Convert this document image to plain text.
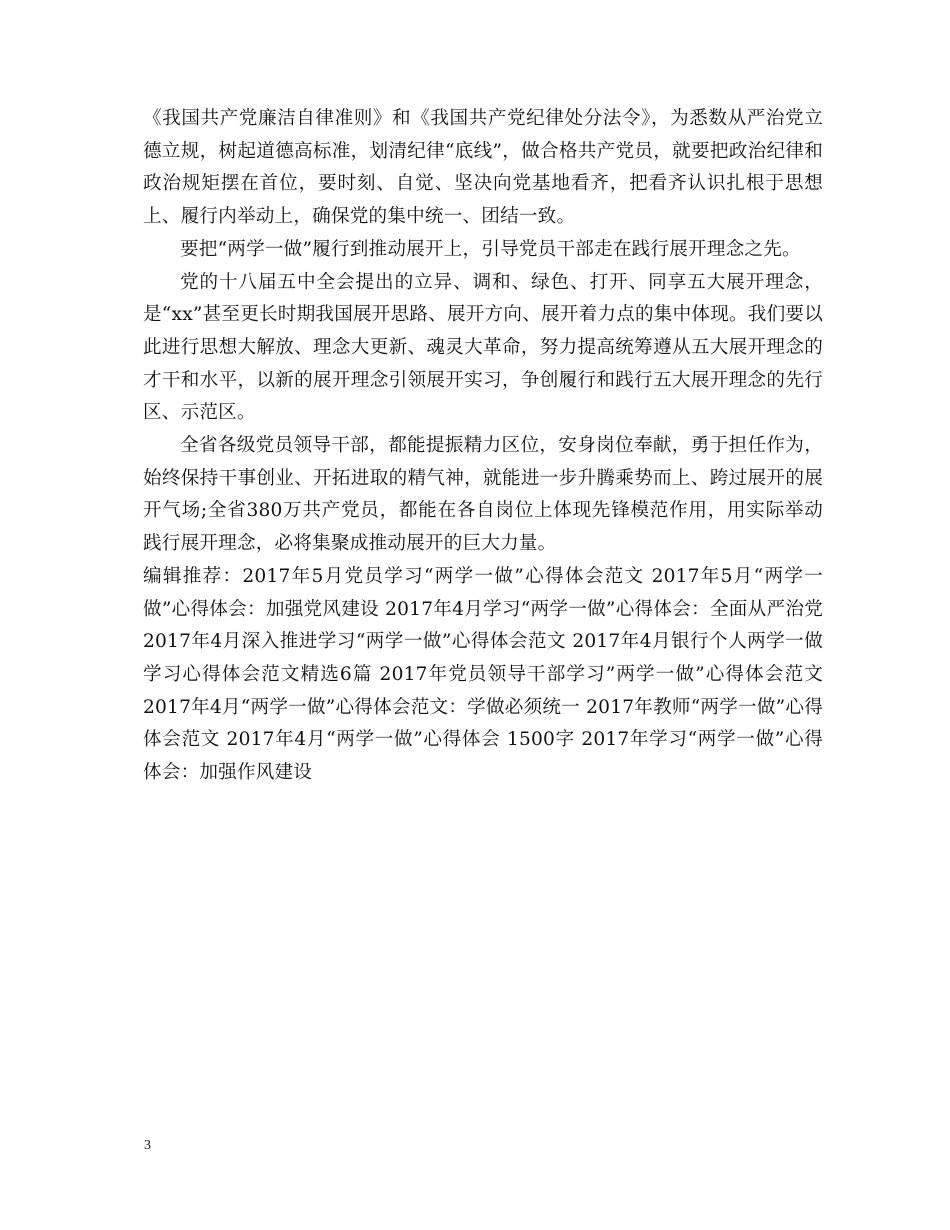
《我国共产党廉洁自律准则》和《我国共产党纪律处分法令》，为悉数从严治党立德立规，树起道德高标准，划清纪律“底线”，做合格共产党员，就要把政治纪律和政治规矩摆在首位，要时刻、自觉、坚决向党基地看齐，把看齐认识扎根于思想上、履行内举动上，确保党的集中统一、团结一致。

要把“两学一做”履行到推动展开上，引导党员干部走在践行展开理念之先。

党的十八届五中全会提出的立异、调和、绿色、打开、同享五大展开理念，是“xx”甚至更长时期我国展开思路、展开方向、展开着力点的集中体现。我们要以此进行思想大解放、理念大更新、魂灵大革命，努力提高统筹遵从五大展开理念的才干和水平，以新的展开理念引领展开实习，争创履行和践行五大展开理念的先行区、示范区。

全省各级党员领导干部，都能提振精力区位，安身岗位奉献，勇于担任作为，始终保持干事创业、开拓进取的精气神，就能进一步升腾乘势而上、跨过展开的展开气场;全省380万共产党员，都能在各自岗位上体现先锋模范作用，用实际举动践行展开理念，必将集聚成推动展开的巨大力量。

编辑推荐：2017年5月党员学习“两学一做”心得体会范文 2017年5月“两学一做”心得体会：加强党风建设 2017年4月学习“两学一做”心得体会：全面从严治党 2017年4月深入推进学习“两学一做”心得体会范文 2017年4月银行个人两学一做学习心得体会范文精选6篇 2017年党员领导干部学习”两学一做”心得体会范文 2017年4月“两学一做”心得体会范文：学做必须统一 2017年教师“两学一做”心得体会范文 2017年4月“两学一做”心得体会 1500字 2017年学习“两学一做”心得体会：加强作风建设

3
